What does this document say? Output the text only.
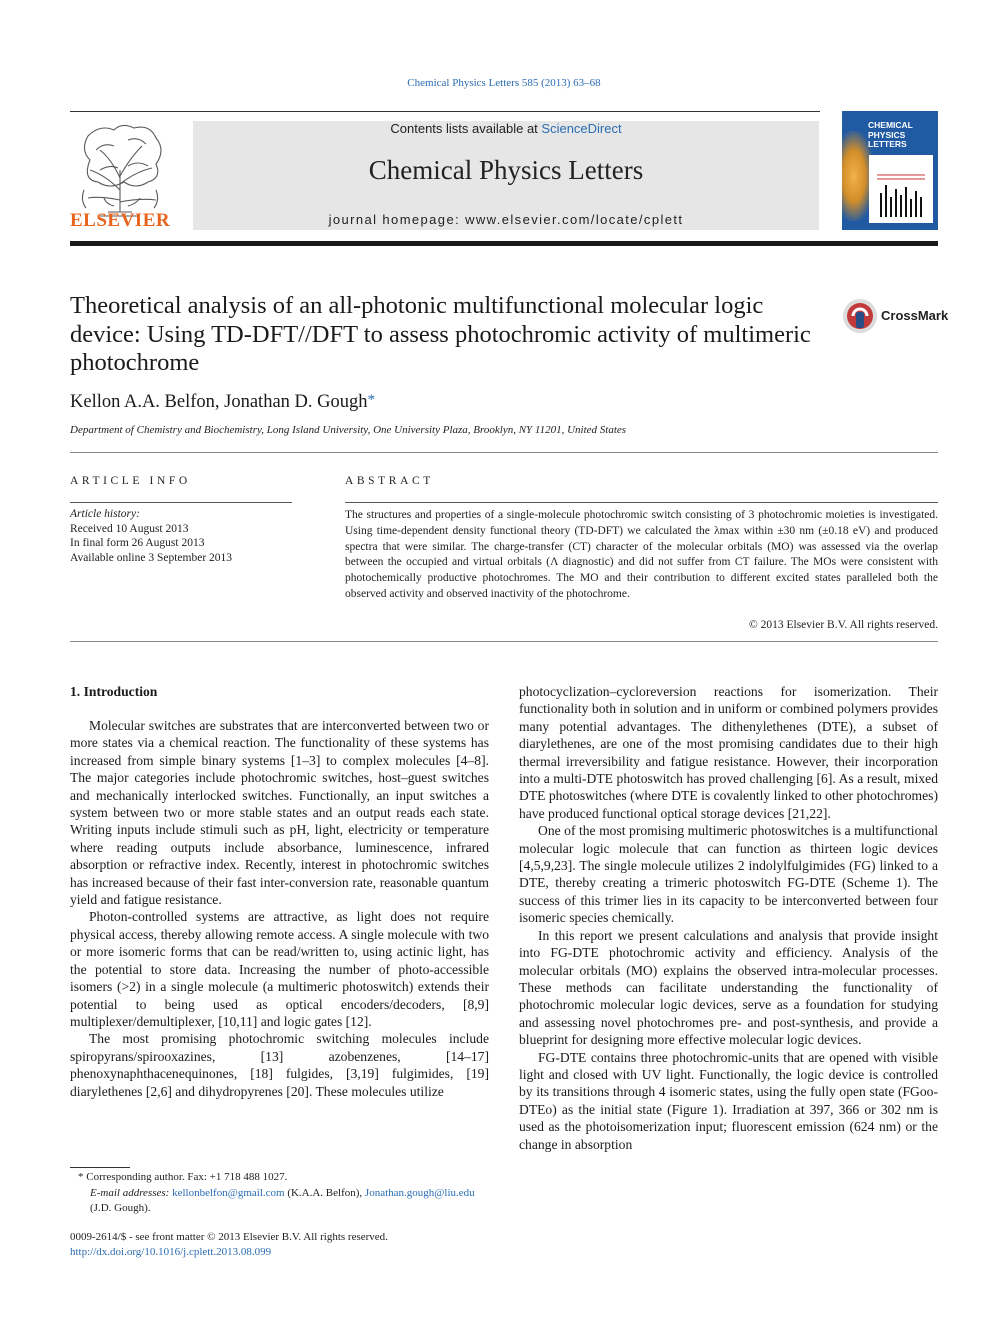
Chemical Physics Letters 585 (2013) 63–68
ELSEVIER
Contents lists available at ScienceDirect
Chemical Physics Letters
journal homepage: www.elsevier.com/locate/cplett
CHEMICAL PHYSICS LETTERS
Theoretical analysis of an all-photonic multifunctional molecular logic device: Using TD-DFT//DFT to assess photochromic activity of multimeric photochrome
CrossMark
Kellon A.A. Belfon, Jonathan D. Gough*
Department of Chemistry and Biochemistry, Long Island University, One University Plaza, Brooklyn, NY 11201, United States
ARTICLE INFO	ABSTRACT
Article history:
Received 10 August 2013
In final form 26 August 2013
Available online 3 September 2013
The structures and properties of a single-molecule photochromic switch consisting of 3 photochromic moieties is investigated. Using time-dependent density functional theory (TD-DFT) we calculated the λmax within ±30 nm (±0.18 eV) and produced spectra that were similar. The charge-transfer (CT) character of the molecular orbitals (MO) was assessed via the overlap between the occupied and virtual orbitals (Λ diagnostic) and did not suffer from CT failure. The MOs were consistent with photochemically productive photochromes. The MO and their contribution to different excited states paralleled both the observed activity and observed inactivity of the photochrome.
© 2013 Elsevier B.V. All rights reserved.
1. Introduction

Molecular switches are substrates that are interconverted between two or more states via a chemical reaction. The functionality of these systems has increased from simple binary systems [1–3] to complex molecules [4–8]. The major categories include photochromic switches, host–guest switches and mechanically interlocked switches. Functionally, an input switches a system between two or more stable states and an output reads each state. Writing inputs include stimuli such as pH, light, electricity or temperature where reading outputs include absorbance, luminescence, infrared absorption or refractive index. Recently, interest in photochromic switches has increased because of their fast inter-conversion rate, reasonable quantum yield and fatigue resistance.

Photon-controlled systems are attractive, as light does not require physical access, thereby allowing remote access. A single molecule with two or more isomeric forms that can be read/written to, using actinic light, has the potential to store data. Increasing the number of photo-accessible isomers (>2) in a single molecule (a multimeric photoswitch) extends their potential to being used as optical encoders/decoders, [8,9] multiplexer/demultiplexer, [10,11] and logic gates [12].

The most promising photochromic switching molecules include spiropyrans/spirooxazines, [13] azobenzenes, [14–17] phenoxynaphthacenequinones, [18] fulgides, [3,19] fulgimides, [19] diarylethenes [2,6] and dihydropyrenes [20]. These molecules utilize

photocyclization–cycloreversion reactions for isomerization. Their functionality both in solution and in uniform or combined polymers provides many potential advantages. The dithenylethenes (DTE), a subset of diarylethenes, are one of the most promising candidates due to their high thermal irreversibility and fatigue resistance. However, their incorporation into a multi-DTE photoswitch has proved challenging [6]. As a result, mixed DTE photoswitches (where DTE is covalently linked to other photochromes) have produced functional optical storage devices [21,22].

One of the most promising multimeric photoswitches is a multifunctional molecular logic molecule that can function as thirteen logic devices [4,5,9,23]. The single molecule utilizes 2 indolylfulgimides (FG) linked to a DTE, thereby creating a trimeric photoswitch FG-DTE (Scheme 1). The success of this trimer lies in its capacity to be interconverted between four isomeric species chemically.

In this report we present calculations and analysis that provide insight into FG-DTE photochromic activity and efficiency. Analysis of the molecular orbitals (MO) explains the observed intra-molecular processes. These methods can facilitate understanding the functionality of photochromic molecular logic devices, serve as a foundation for studying and assessing novel photochromes pre- and post-synthesis, and provide a blueprint for designing more effective molecular logic devices.

FG-DTE contains three photochromic-units that are opened with visible light and closed with UV light. Functionally, the logic device is controlled by its transitions through 4 isomeric states, using the fully open state (FGoo-DTEo) as the initial state (Figure 1). Irradiation at 397, 366 or 302 nm is used as the photoisomerization input; fluorescent emission (624 nm) or the change in absorption

* Corresponding author. Fax: +1 718 488 1027.
E-mail addresses: kellonbelfon@gmail.com (K.A.A. Belfon), Jonathan.gough@liu.edu (J.D. Gough).
0009-2614/$ - see front matter © 2013 Elsevier B.V. All rights reserved.
http://dx.doi.org/10.1016/j.cplett.2013.08.099
